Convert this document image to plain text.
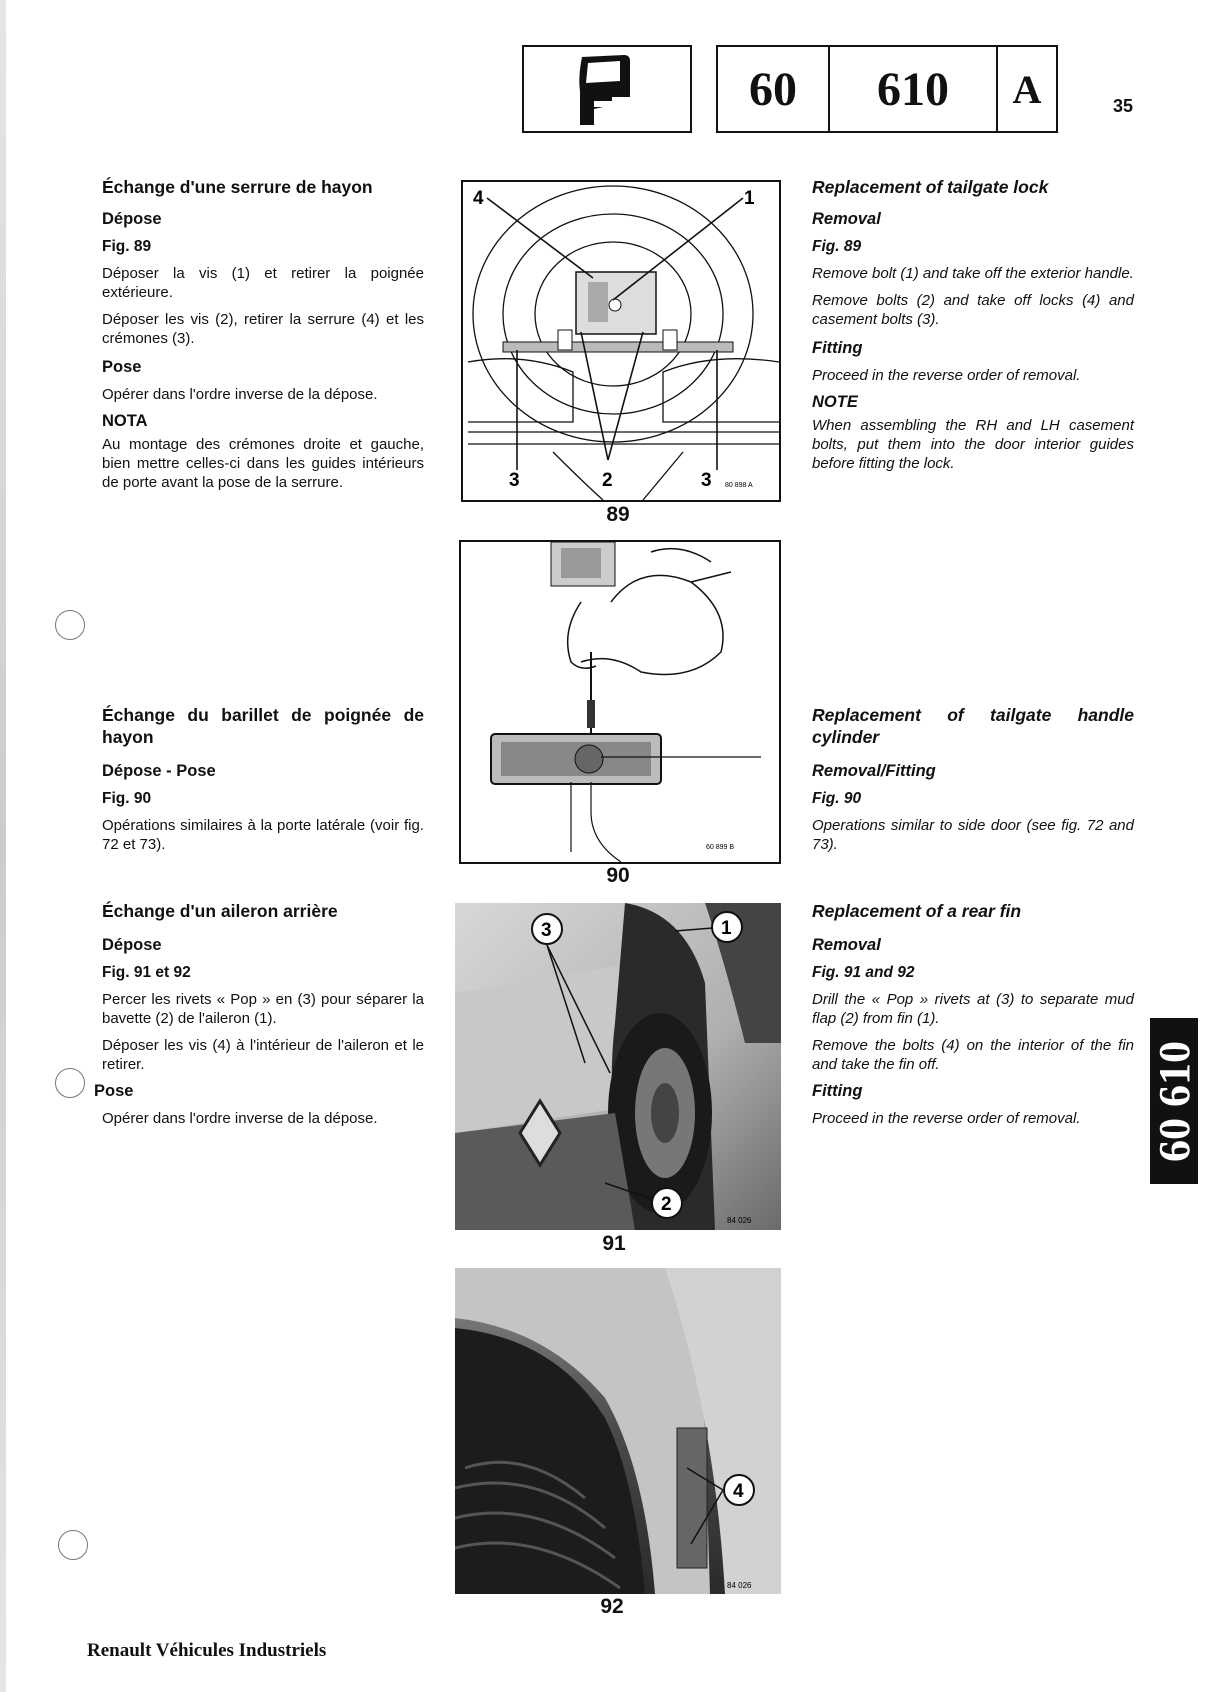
60	610	A	35

Échange d'une serrure de hayon

Dépose

Fig. 89

Déposer la vis (1) et retirer la poignée extérieure.

Déposer les vis (2), retirer la serrure (4) et les crémones (3).

Pose

Opérer dans l'ordre inverse de la dépose.

NOTA

Au montage des crémones droite et gauche, bien mettre celles-ci dans les guides intérieurs de porte avant la pose de la serrure.

Replacement of tailgate lock

Removal

Fig. 89

Remove bolt (1) and take off the exterior handle.

Remove bolts (2) and take off locks (4) and casement bolts (3).

Fitting

Proceed in the reverse order of removal.

NOTE

When assembling the RH and LH casement bolts, put them into the door interior guides before fitting the lock.

4	1
3	2	3 80 898 A
89
60 899 B
90

Échange du barillet de poignée de hayon

Dépose - Pose

Fig. 90

Opérations similaires à la porte latérale (voir fig. 72 et 73).

Replacement of tailgate handle cylinder

Removal/Fitting

Fig. 90

Operations similar to side door (see fig. 72 and 73).

Échange d'un aileron arrière

Dépose

Fig. 91 et 92

Percer les rivets « Pop » en (3) pour séparer la bavette (2) de l'aileron (1).

Déposer les vis (4) à l'intérieur de l'aileron et le retirer.

Pose

Opérer dans l'ordre inverse de la dépose.

Replacement of a rear fin

Removal

Fig. 91 and 92

Drill the « Pop » rivets at (3) to separate mud flap (2) from fin (1).

Remove the bolts (4) on the interior of the fin and take the fin off.

Fitting

Proceed in the reverse order of removal.

3	1
2
84 026
91
4
84 026
92
60 610
Renault Véhicules Industriels
